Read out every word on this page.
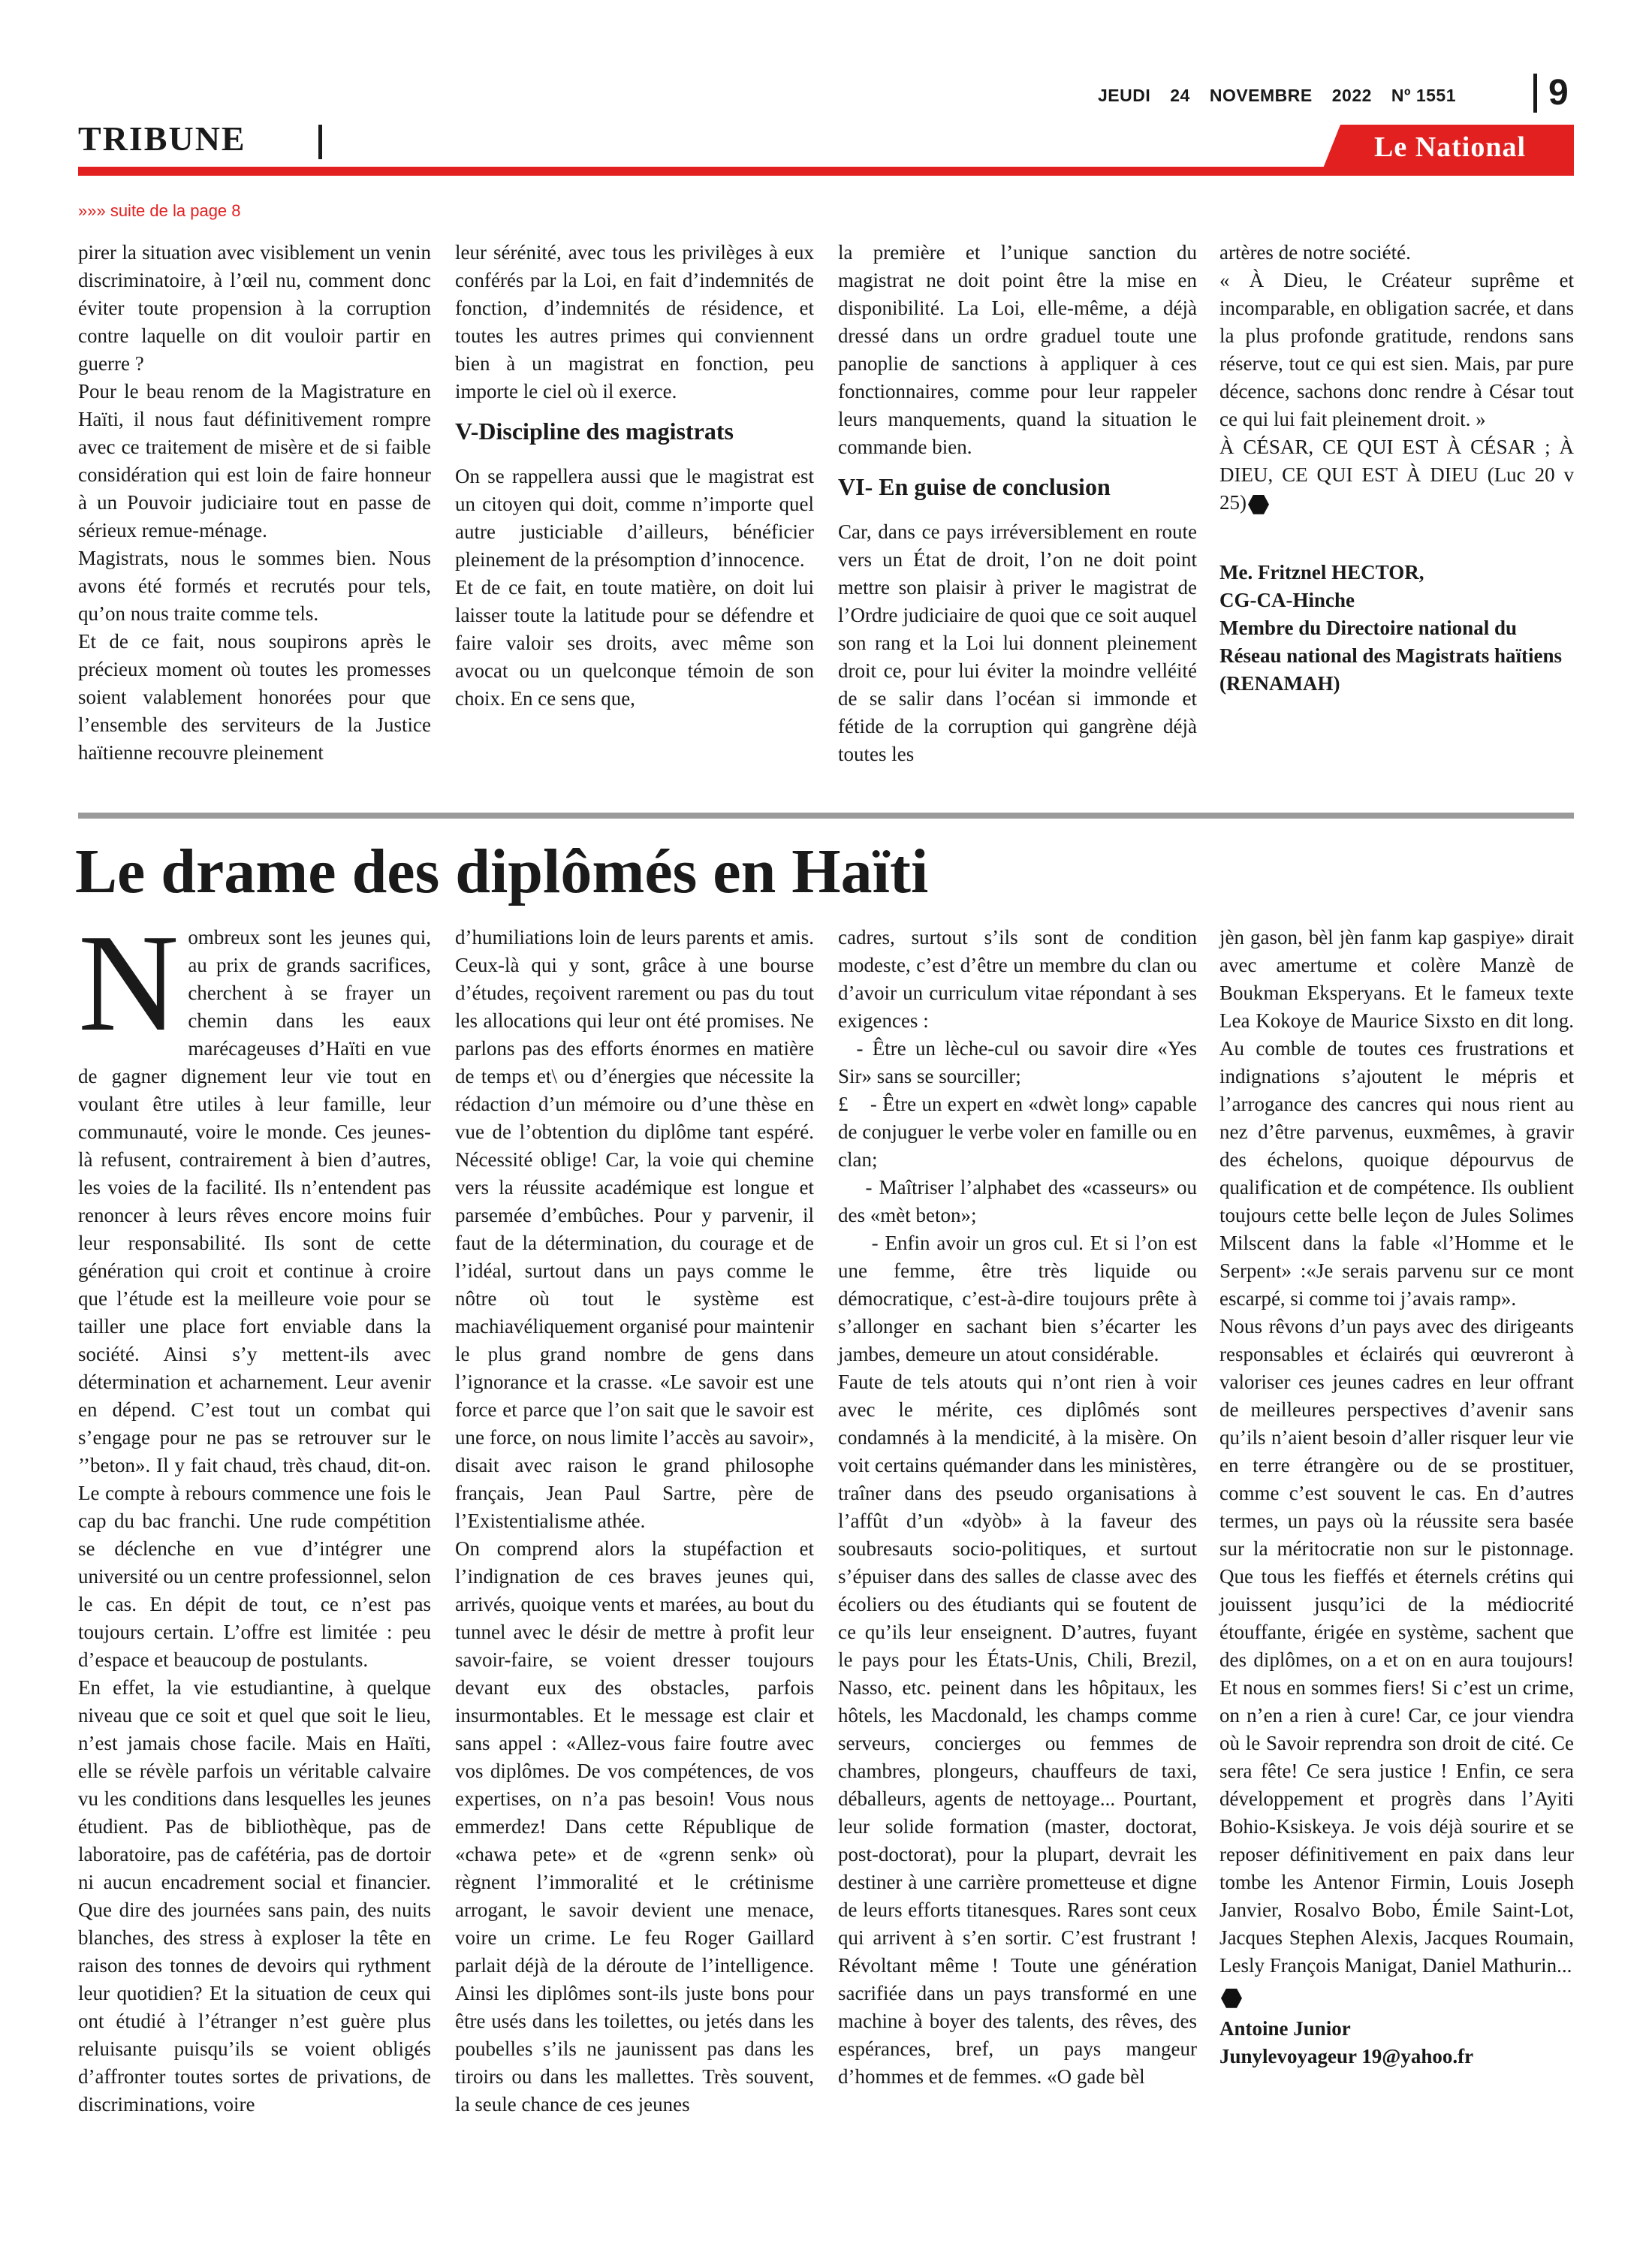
JEUDI 24 NOVEMBRE 2022 Nº 1551	9
TRIBUNE	Le National
»»» suite de la page 8

pirer la situation avec visiblement un venin discriminatoire, à l’œil nu, comment donc éviter toute propension à la corruption contre laquelle on dit vouloir partir en guerre ?

Pour le beau renom de la Magistrature en Haïti, il nous faut définitivement rompre avec ce traitement de misère et de si faible considération qui est loin de faire honneur à un Pouvoir judiciaire tout en passe de sérieux remue-ménage.

Magistrats, nous le sommes bien. Nous avons été formés et recrutés pour tels, qu’on nous traite comme tels.

Et de ce fait, nous soupirons après le précieux moment où toutes les promesses soient valablement honorées pour que l’ensemble des serviteurs de la Justice haïtienne recouvre pleinement

leur sérénité, avec tous les privilèges à eux conférés par la Loi, en fait d’indemnités de fonction, d’indemnités de résidence, et toutes les autres primes qui conviennent bien à un magistrat en fonction, peu importe le ciel où il exerce.

V-Discipline des magistrats

On se rappellera aussi que le magistrat est un citoyen qui doit, comme n’importe quel autre justiciable d’ailleurs, bénéficier pleinement de la présomption d’innocence.

Et de ce fait, en toute matière, on doit lui laisser toute la latitude pour se défendre et faire valoir ses droits, avec même son avocat ou un quelconque témoin de son choix. En ce sens que,

la première et l’unique sanction du magistrat ne doit point être la mise en disponibilité. La Loi, elle-même, a déjà dressé dans un ordre graduel toute une panoplie de sanctions à appliquer à ces fonctionnaires, comme pour leur rappeler leurs manquements, quand la situation le commande bien.

VI- En guise de conclusion

Car, dans ce pays irréversiblement en route vers un État de droit, l’on ne doit point mettre son plaisir à priver le magistrat de l’Ordre judiciaire de quoi que ce soit auquel son rang et la Loi lui donnent pleinement droit ce, pour lui éviter la moindre velléité de se salir dans l’océan si immonde et fétide de la corruption qui gangrène déjà toutes les

artères de notre société.

« À Dieu, le Créateur suprême et incomparable, en obligation sacrée, et dans la plus profonde gratitude, rendons sans réserve, tout ce qui est sien. Mais, par pure décence, sachons donc rendre à César tout ce qui lui fait pleinement droit. »

À CÉSAR, CE QUI EST À CÉSAR ; À DIEU, CE QUI EST À DIEU (Luc 20 v 25)

Me. Fritznel HECTOR,

CG-CA-Hinche

Membre du Directoire national du Réseau national des Magistrats haïtiens (RENAMAH)

Le drame des diplômés en Haïti

Nombreux sont les jeunes qui, au prix de grands sacrifices, cherchent à se frayer un chemin dans les eaux marécageuses d’Haïti en vue de gagner dignement leur vie tout en voulant être utiles à leur famille, leur communauté, voire le monde. Ces jeunes-là refusent, contrairement à bien d’autres, les voies de la facilité. Ils n’entendent pas renoncer à leurs rêves encore moins fuir leur responsabilité. Ils sont de cette génération qui croit et continue à croire que l’étude est la meilleure voie pour se tailler une place fort enviable dans la société. Ainsi s’y mettent-ils avec détermination et acharnement. Leur avenir en dépend. C’est tout un combat qui s’engage pour ne pas se retrouver sur le ’’beton». Il y fait chaud, très chaud, dit-on. Le compte à rebours commence une fois le cap du bac franchi. Une rude compétition se déclenche en vue d’intégrer une université ou un centre professionnel, selon le cas. En dépit de tout, ce n’est pas toujours certain. L’offre est limitée : peu d’espace et beaucoup de postulants.

En effet, la vie estudiantine, à quelque niveau que ce soit et quel que soit le lieu, n’est jamais chose facile. Mais en Haïti, elle se révèle parfois un véritable calvaire vu les conditions dans lesquelles les jeunes étudient. Pas de bibliothèque, pas de laboratoire, pas de cafétéria, pas de dortoir ni aucun encadrement social et financier. Que dire des journées sans pain, des nuits blanches, des stress à exploser la tête en raison des tonnes de devoirs qui rythment leur quotidien? Et la situation de ceux qui ont étudié à l’étranger n’est guère plus reluisante puisqu’ils se voient obligés d’affronter toutes sortes de privations, de discriminations, voire

d’humiliations loin de leurs parents et amis. Ceux-là qui y sont, grâce à une bourse d’études, reçoivent rarement ou pas du tout les allocations qui leur ont été promises. Ne parlons pas des efforts énormes en matière de temps et\ ou d’énergies que nécessite la rédaction d’un mémoire ou d’une thèse en vue de l’obtention du diplôme tant espéré. Nécessité oblige! Car, la voie qui chemine vers la réussite académique est longue et parsemée d’embûches. Pour y parvenir, il faut de la détermination, du courage et de l’idéal, surtout dans un pays comme le nôtre où tout le système est machiavéliquement organisé pour maintenir le plus grand nombre de gens dans l’ignorance et la crasse. «Le savoir est une force et parce que l’on sait que le savoir est une force, on nous limite l’accès au savoir», disait avec raison le grand philosophe français, Jean Paul Sartre, père de l’Existentialisme athée.

On comprend alors la stupéfaction et l’indignation de ces braves jeunes qui, arrivés, quoique vents et marées, au bout du tunnel avec le désir de mettre à profit leur savoir-faire, se voient dresser toujours devant eux des obstacles, parfois insurmontables. Et le message est clair et sans appel : «Allez-vous faire foutre avec vos diplômes. De vos compétences, de vos expertises, on n’a pas besoin! Vous nous emmerdez! Dans cette République de «chawa pete» et de «grenn senk» où règnent l’immoralité et le crétinisme arrogant, le savoir devient une menace, voire un crime. Le feu Roger Gaillard parlait déjà de la déroute de l’intelligence. Ainsi les diplômes sont-ils juste bons pour être usés dans les toilettes, ou jetés dans les poubelles s’ils ne jaunissent pas dans les tiroirs ou dans les mallettes. Très souvent, la seule chance de ces jeunes

cadres, surtout s’ils sont de condition modeste, c’est d’être un membre du clan ou d’avoir un curriculum vitae répondant à ses exigences :

- Être un lèche-cul ou savoir dire «Yes Sir» sans se sourciller;

£    - Être un expert en «dwèt long» capable de conjuguer le verbe voler en famille ou en clan;

- Maîtriser l’alphabet des «casseurs» ou des «mèt beton»;

- Enfin avoir un gros cul. Et si l’on est une femme, être très liquide ou démocratique, c’est-à-dire toujours prête à s’allonger en sachant bien s’écarter les jambes, demeure un atout considérable.

Faute de tels atouts qui n’ont rien à voir avec le mérite, ces diplômés sont condamnés à la mendicité, à la misère. On voit certains quémander dans les ministères, traîner dans des pseudo organisations à l’affût d’un «dyòb» à la faveur des soubresauts socio-politiques, et surtout s’épuiser dans des salles de classe avec des écoliers ou des étudiants qui se foutent de ce qu’ils leur enseignent. D’autres, fuyant le pays pour les États-Unis, Chili, Brezil, Nasso, etc. peinent dans les hôpitaux, les hôtels, les Macdonald, les champs comme serveurs, concierges ou femmes de chambres, plongeurs, chauffeurs de taxi, déballeurs, agents de nettoyage... Pourtant, leur solide formation (master, doctorat, post-doctorat), pour la plupart, devrait les destiner à une carrière prometteuse et digne de leurs efforts titanesques. Rares sont ceux qui arrivent à s’en sortir. C’est frustrant ! Révoltant même ! Toute une génération sacrifiée dans un pays transformé en une machine à boyer des talents, des rêves, des espérances, bref, un pays mangeur d’hommes et de femmes. «O gade bèl

jèn gason, bèl jèn fanm kap gaspiye» dirait avec amertume et colère Manzè de Boukman Eksperyans. Et le fameux texte Lea Kokoye de Maurice Sixsto en dit long. Au comble de toutes ces frustrations et indignations s’ajoutent le mépris et l’arrogance des cancres qui nous rient au nez d’être parvenus, euxmêmes, à gravir des échelons, quoique dépourvus de qualification et de compétence. Ils oublient toujours cette belle leçon de Jules Solimes Milscent dans la fable «l’Homme et le Serpent» :«Je serais parvenu sur ce mont escarpé, si comme toi j’avais ramp».

Nous rêvons d’un pays avec des dirigeants responsables et éclairés qui œuvreront à valoriser ces jeunes cadres en leur offrant de meilleures perspectives d’avenir sans qu’ils n’aient besoin d’aller risquer leur vie en terre étrangère ou de se prostituer, comme c’est souvent le cas. En d’autres termes, un pays où la réussite sera basée sur la méritocratie non sur le pistonnage. Que tous les fieffés et éternels crétins qui jouissent jusqu’ici de la médiocrité étouffante, érigée en système, sachent que des diplômes, on a et on en aura toujours! Et nous en sommes fiers! Si c’est un crime, on n’en a rien à cure! Car, ce jour viendra où le Savoir reprendra son droit de cité. Ce sera fête! Ce sera justice ! Enfin, ce sera développement et progrès dans l’Ayiti Bohio-Ksiskeya. Je vois déjà sourire et se reposer définitivement en paix dans leur tombe les Antenor Firmin, Louis Joseph Janvier, Rosalvo Bobo, Émile Saint-Lot, Jacques Stephen Alexis, Jacques Roumain, Lesly François Manigat, Daniel Mathurin...

Antoine Junior

Junylevoyageur 19@yahoo.fr
